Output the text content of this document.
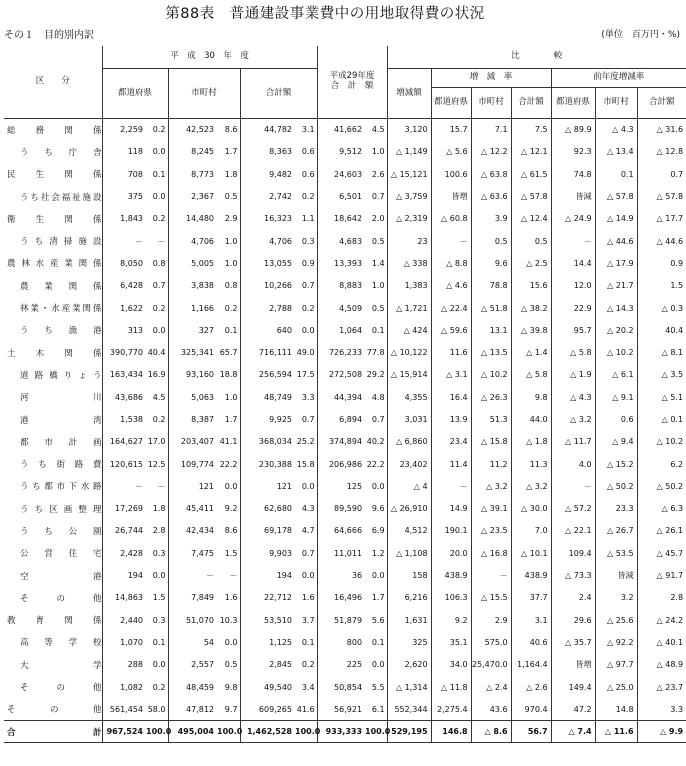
第88表　普通建設事業費中の用地取得費の状況
その１　目的別内訳	(単位　百万円・%)
区　　分	平　成　30　年　度						平成29年度
合　計　額		比　　　　較						
	都道府県		市町村		合計額				増減額	増　減　率			前年度増減率		
										都道府県	市町村	合計額	都道府県	市町村	合計額

総務関係	2,259	0.2	42,523	8.6	44,782	3.1	41,662	4.5	3,120	15.7	7.1	7.5	△ 89.9	△ 4.3	△ 31.6

うち庁舎	118	0.0	8,245	1.7	8,363	0.6	9,512	1.0	△ 1,149	△ 5.6	△ 12.2	△ 12.1	92.3	△ 13.4	△ 12.8

民生関係	708	0.1	8,773	1.8	9,482	0.6	24,603	2.6	△ 15,121	100.6	△ 63.8	△ 61.5	74.8	0.1	0.7

うち社会福祉施設	375	0.0	2,367	0.5	2,742	0.2	6,501	0.7	△ 3,759	皆増	△ 63.6	△ 57.8	皆減	△ 57.8	△ 57.8

衛生関係	1,843	0.2	14,480	2.9	16,323	1.1	18,642	2.0	△ 2,319	△ 60.8	3.9	△ 12.4	△ 24.9	△ 14.9	△ 17.7

うち清掃施設	－	－	4,706	1.0	4,706	0.3	4,683	0.5	23	－	0.5	0.5	－	△ 44.6	△ 44.6

農林水産業関係	8,050	0.8	5,005	1.0	13,055	0.9	13,393	1.4	△ 338	△ 8.8	9.6	△ 2.5	14.4	△ 17.9	0.9

農業関係	6,428	0.7	3,838	0.8	10,266	0.7	8,883	1.0	1,383	△ 4.6	78.8	15.6	12.0	△ 21.7	1.5

林業・水産業関係	1,622	0.2	1,166	0.2	2,788	0.2	4,509	0.5	△ 1,721	△ 22.4	△ 51.8	△ 38.2	22.9	△ 14.3	△ 0.3

うち漁港	313	0.0	327	0.1	640	0.0	1,064	0.1	△ 424	△ 59.6	13.1	△ 39.8	95.7	△ 20.2	40.4

土木関係	390,770	40.4	325,341	65.7	716,111	49.0	726,233	77.8	△ 10,122	11.6	△ 13.5	△ 1.4	△ 5.8	△ 10.2	△ 8.1

道路橋りょう	163,434	16.9	93,160	18.8	256,594	17.5	272,508	29.2	△ 15,914	△ 3.1	△ 10.2	△ 5.8	△ 1.9	△ 6.1	△ 3.5

河川	43,686	4.5	5,063	1.0	48,749	3.3	44,394	4.8	4,355	16.4	△ 26.3	9.8	△ 4.3	△ 9.1	△ 5.1

港湾	1,538	0.2	8,387	1.7	9,925	0.7	6,894	0.7	3,031	13.9	51.3	44.0	△ 3.2	0.6	△ 0.1

都市計画	164,627	17.0	203,407	41.1	368,034	25.2	374,894	40.2	△ 6,860	23.4	△ 15.8	△ 1.8	△ 11.7	△ 9.4	△ 10.2

うち街路費	120,615	12.5	109,774	22.2	230,388	15.8	206,986	22.2	23,402	11.4	11.2	11.3	4.0	△ 15.2	6.2

うち都市下水路	－	－	121	0.0	121	0.0	125	0.0	△ 4	－	△ 3.2	△ 3.2	－	△ 50.2	△ 50.2

うち区画整理	17,269	1.8	45,411	9.2	62,680	4.3	89,590	9.6	△ 26,910	14.9	△ 39.1	△ 30.0	△ 57.2	23.3	△ 6.3

うち公園	26,744	2.8	42,434	8.6	69,178	4.7	64,666	6.9	4,512	190.1	△ 23.5	7.0	△ 22.1	△ 26.7	△ 26.1

公営住宅	2,428	0.3	7,475	1.5	9,903	0.7	11,011	1.2	△ 1,108	20.0	△ 16.8	△ 10.1	109.4	△ 53.5	△ 45.7

空港	194	0.0	－	－	194	0.0	36	0.0	158	438.9	－	438.9	△ 73.3	皆減	△ 91.7

その他	14,863	1.5	7,849	1.6	22,712	1.6	16,496	1.7	6,216	106.3	△ 15.5	37.7	2.4	3.2	2.8

教育関係	2,440	0.3	51,070	10.3	53,510	3.7	51,879	5.6	1,631	9.2	2.9	3.1	29.6	△ 25.6	△ 24.2

高等学校	1,070	0.1	54	0.0	1,125	0.1	800	0.1	325	35.1	575.0	40.6	△ 35.7	△ 92.2	△ 40.1

大学	288	0.0	2,557	0.5	2,845	0.2	225	0.0	2,620	34.0	25,470.0	1,164.4	皆増	△ 97.7	△ 48.9

その他	1,082	0.2	48,459	9.8	49,540	3.4	50,854	5.5	△ 1,314	△ 11.8	△ 2.4	△ 2.6	149.4	△ 25.0	△ 23.7

その他	561,454	58.0	47,812	9.7	609,265	41.6	56,921	6.1	552,344	2,275.4	43.6	970.4	47.2	14.8	3.3

合計	967,524	100.0	495,004	100.0	1,462,528	100.0	933,333	100.0	529,195	146.8	△ 8.6	56.7	△ 7.4	△ 11.6	△ 9.9
